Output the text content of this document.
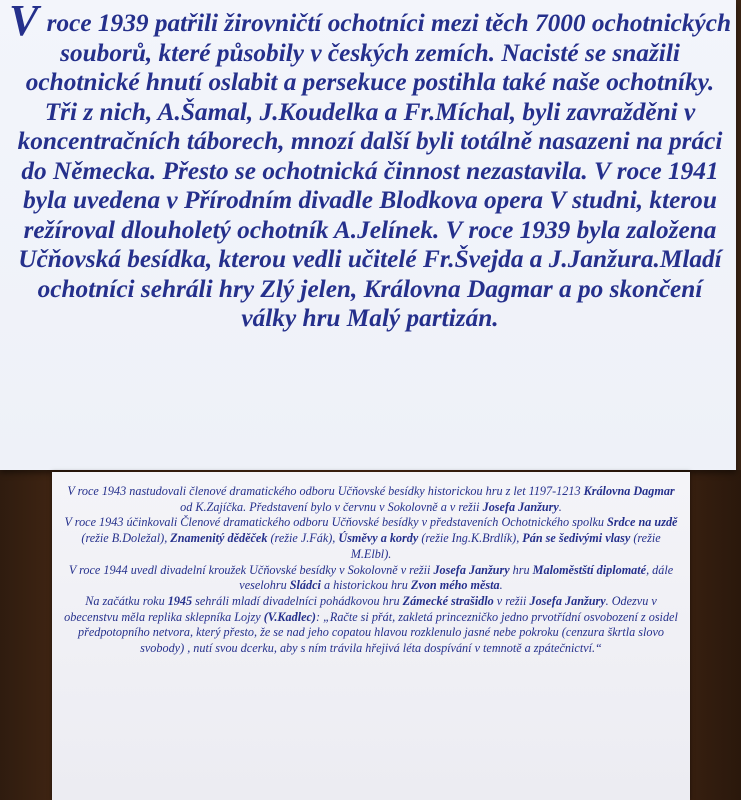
V roce 1939 patřili žirovničtí ochotníci mezi těch 7000 ochotnických souborů, které působily v českých zemích. Nacisté se snažili ochotnické hnutí oslabit a persekuce postihla také naše ochotníky. Tři z nich, A.Šamal, J.Koudelka a Fr.Míchal, byli zavražděni v koncentračních táborech, mnozí další byli totálně nasazeni na práci do Německa. Přesto se ochotnická činnost nezastavila. V roce 1941 byla uvedena v Přírodním divadle Blodkova opera V studni, kterou režíroval dlouholetý ochotník A.Jelínek. V roce 1939 byla založena Učňovská besídka, kterou vedli učitelé Fr.Švejda a J.Janžura.Mladí ochotníci sehráli hry Zlý jelen, Královna Dagmar a po skončení války hru Malý partizán.

V roce 1943 nastudovali členové dramatického odboru Učňovské besídky historickou hru z let 1197-1213 Královna Dagmar od K.Zajíčka. Představení bylo v červnu v Sokolovně a v režii Josefa Janžury.
V roce 1943 účinkovali Členové dramatického odboru Učňovské besídky v představeních Ochotnického spolku Srdce na uzdě (režie B.Doležal), Znamenitý děděček (režie J.Fák), Úsměvy a kordy (režie Ing.K.Brdlík), Pán se šedivými vlasy (režie M.Elbl).
V roce 1944 uvedl divadelní kroužek Učňovské besídky v Sokolovně v režii Josefa Janžury hru Maloměstští diplomaté, dále veselohru Sládci a historickou hru Zvon mého města.
Na začátku roku 1945 sehráli mladí divadelníci pohádkovou hru Zámecké strašidlo v režii Josefa Janžury. Odezvu v obecenstvu měla replika sklepníka Lojzy (V.Kadlec): „Račte si přát, zakletá princezničko jedno prvotřídní osvobození z osidel předpotopního netvora, který přesto, že se nad jeho copatou hlavou rozklenulo jasné nebe pokroku (cenzura škrtla slovo svobody) , nutí svou dcerku, aby s ním trávila hřejivá léta dospívání v temnotě a zpátečnictví.“
